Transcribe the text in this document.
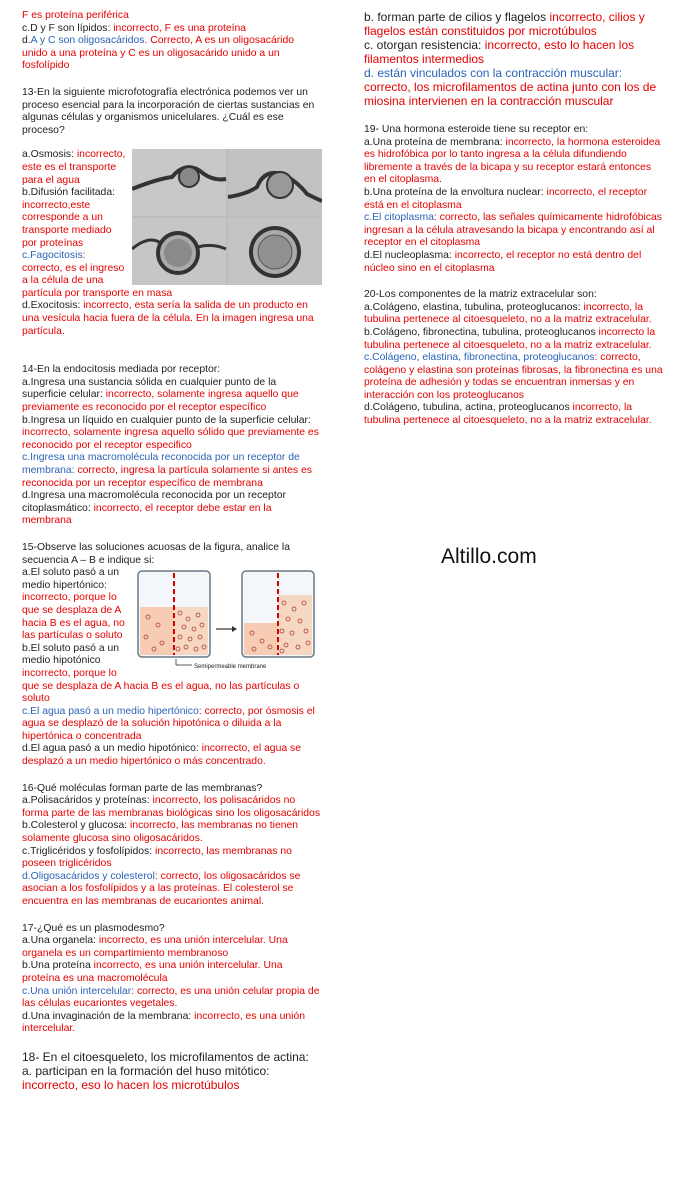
F es proteína periférica

c.D y F son lípidos: incorrecto, F es una proteína

d.A y C son oligosacáridos. Correcto, A es un oligosacárido unido a una proteína y C es un oligosacárido unido a un fosfolípido

13-En la siguiente microfotografía electrónica podemos ver un proceso esencial para la incorporación de ciertas sustancias en algunas células y organismos unicelulares. ¿Cuál es ese proceso?

a.Osmosis: incorrecto, este es el transporte para el agua

b.Difusión facilitada: incorrecto,este corresponde a un transporte mediado por proteínas

c.Fagocitosis: correcto, es el ingreso a la célula de una partícula por transporte en masa

d.Exocitosis: incorrecto, esta sería la salida de un producto en una vesícula hacia fuera de la célula. En la imagen ingresa una partícula.

14-En la endocitosis mediada por receptor:

a.Ingresa una sustancia sólida en cualquier punto de la superficie celular: incorrecto, solamente ingresa aquello que previamente es reconocido por el receptor específico

b.Ingresa un líquido en cualquier punto de la superficie celular: incorrecto, solamente ingresa aquello sólido que previamente es reconocido por el receptor especifico

c.Ingresa una macromolécula reconocida por un receptor de membrana: correcto, ingresa la partícula solamente si antes es reconocida por un receptor específico de membrana

d.Ingresa una macromolécula reconocida por un receptor citoplasmático: incorrecto, el receptor debe estar en la membrana

15-Observe las soluciones acuosas de la figura, analice la secuencia A – B e indique si:

Semipermeable membrane

a.El soluto pasó a un medio hipertónico: incorrecto, porque lo que se desplaza de A hacia B es el agua, no las partículas o soluto

b.El soluto pasó a un medio hipotónico incorrecto, porque lo que se desplaza de A hacia B es el agua, no las partículas o soluto

c.El agua pasó a un medio hipertónico: correcto, por ósmosis el agua se desplazó de la solución hipotónica o diluida a la hipertónica o concentrada

d.El agua pasó a un medio hipotónico: incorrecto, el agua se desplazó a un medio hipertónico o más concentrado.

16-Qué moléculas forman parte de las membranas?

a.Polisacáridos y proteínas: incorrecto, los polisacáridos no forma parte de las membranas biológicas sino los oligosacáridos

b.Colesterol y glucosa: incorrecto, las membranas no tienen solamente glucosa sino oligosacáridos.

c.Triglicéridos y fosfolípidos: incorrecto, las membranas no poseen triglicéridos

d.Oligosacáridos y colesterol: correcto, los oligosacáridos se asocian a los fosfolípidos y a las proteínas. El colesterol se encuentra en las membranas de eucariontes animal.

17-¿Qué es un plasmodesmo?

a.Una organela: incorrecto, es una unión intercelular. Una organela es un compartimiento membranoso

b.Una proteína incorrecto, es una unión intercelular. Una proteína es una macromolécula

c.Una unión intercelular: correcto, es una unión celular propia de las células eucariontes vegetales.

d.Una invaginación de la membrana: incorrecto, es una unión intercelular.

18- En el citoesqueleto, los microfilamentos de actina:

a. participan en la formación del huso mitótico: incorrecto, eso lo hacen los microtúbulos

b. forman parte de cilios y flagelos incorrecto, cilios y flagelos están constituidos por microtúbulos

c. otorgan resistencia: incorrecto, esto lo hacen los filamentos intermedios

d. están vinculados con la contracción muscular: correcto, los microfilamentos de actina junto con los de miosina intervienen en la contracción muscular

19- Una hormona esteroide tiene su receptor en:

a.Una proteína de membrana: incorrecto, la hormona esteroidea es hidrofóbica por lo tanto ingresa a la célula difundiendo libremente a través de la bicapa y su receptor estará entonces en el citoplasma.

b.Una proteína de la envoltura nuclear: incorrecto, el receptor está en el citoplasma

c.El citoplasma: correcto, las señales químicamente hidrofóbicas ingresan a la célula atravesando la bicapa y encontrando así al receptor en el citoplasma

d.El nucleoplasma: incorrecto, el receptor no está dentro del núcleo sino en el citoplasma

20-Los componentes de la matriz extracelular son:

a.Colágeno, elastina, tubulina, proteoglucanos: incorrecto, la tubulina pertenece al citoesqueleto, no a la matriz extracelular.

b.Colágeno, fibronectina, tubulina, proteoglucanos incorrecto la tubulina pertenece al citoesqueleto, no a la matriz extracelular.

c.Colágeno, elastina, fibronectina, proteoglucanos: correcto, colágeno y elastina son proteínas fibrosas, la fibronectina es una proteína de adhesión y todas se encuentran inmersas y en interacción con los proteoglucanos

d.Colágeno, tubulina, actina, proteoglucanos incorrecto, la tubulina pertenece al citoesqueleto, no a la matriz extracelular.

Altillo.com
